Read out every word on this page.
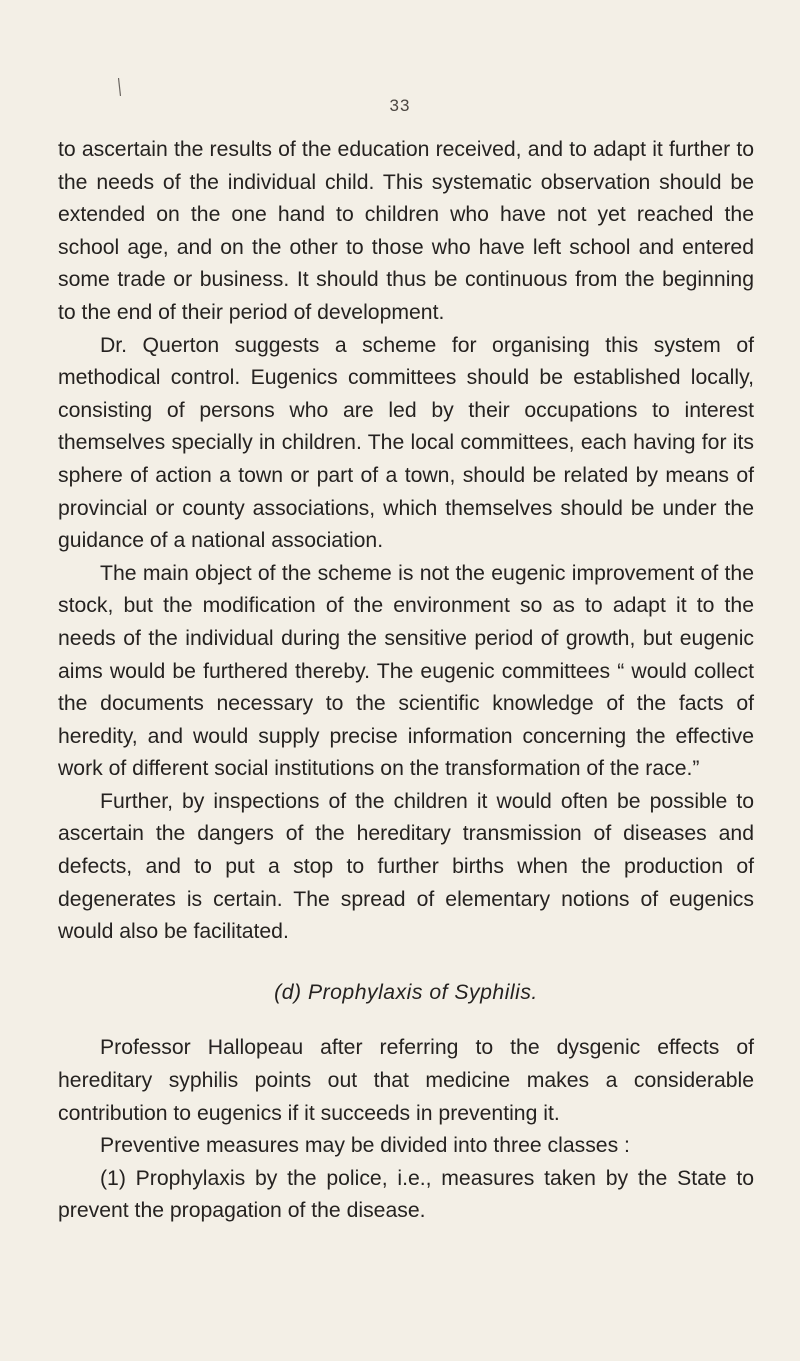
33

to ascertain the results of the education received, and to adapt it further to the needs of the individual child. This systematic observation should be extended on the one hand to children who have not yet reached the school age, and on the other to those who have left school and entered some trade or business. It should thus be continuous from the beginning to the end of their period of development.

Dr. Querton suggests a scheme for organising this system of methodical control. Eugenics committees should be established locally, consisting of persons who are led by their occupations to interest themselves specially in children. The local committees, each having for its sphere of action a town or part of a town, should be related by means of provincial or county associations, which themselves should be under the guidance of a national association.

The main object of the scheme is not the eugenic improvement of the stock, but the modification of the environment so as to adapt it to the needs of the individual during the sensitive period of growth, but eugenic aims would be furthered thereby. The eugenic committees “ would collect the documents necessary to the scientific knowledge of the facts of heredity, and would supply precise information concerning the effective work of different social institutions on the transformation of the race.”

Further, by inspections of the children it would often be possible to ascertain the dangers of the hereditary transmission of diseases and defects, and to put a stop to further births when the production of degenerates is certain. The spread of elementary notions of eugenics would also be facilitated.

(d) Prophylaxis of Syphilis.

Professor Hallopeau after referring to the dysgenic effects of hereditary syphilis points out that medicine makes a considerable contribution to eugenics if it succeeds in preventing it.

Preventive measures may be divided into three classes :

(1) Prophylaxis by the police, i.e., measures taken by the State to prevent the propagation of the disease.
